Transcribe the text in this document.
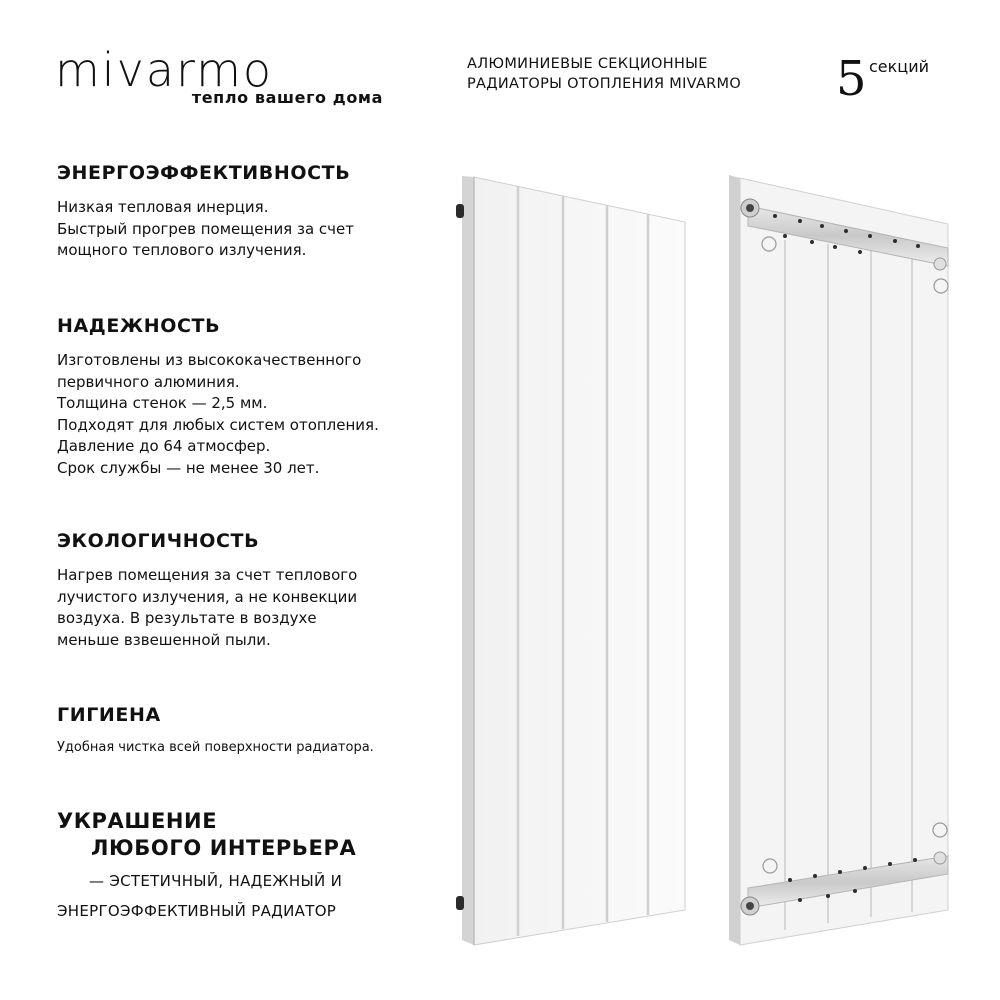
mivarmo
тепло вашего дома
АЛЮМИНИЕВЫЕ СЕКЦИОННЫЕ
РАДИАТОРЫ ОТОПЛЕНИЯ MIVARMO 5 секций
ЭНЕРГОЭФФЕКТИВНОСТЬ
Низкая тепловая инерция.
Быстрый прогрев помещения за счет
мощного теплового излучения.
НАДЕЖНОСТЬ
Изготовлены из высококачественного
первичного алюминия.
Толщина стенок — 2,5 мм.
Подходят для любых систем отопления.
Давление до 64 атмосфер.
Срок службы — не менее 30 лет.
ЭКОЛОГИЧНОСТЬ
Нагрев помещения за счет теплового
лучистого излучения, а не конвекции
воздуха. В результате в воздухе
меньше взвешенной пыли.
ГИГИЕНА
Удобная чистка всей поверхности радиатора.
УКРАШЕНИЕ
ЛЮБОГО ИНТЕРЬЕРА
— ЭСТЕТИЧНЫЙ, НАДЕЖНЫЙ И
ЭНЕРГОЭФФЕКТИВНЫЙ РАДИАТОР
